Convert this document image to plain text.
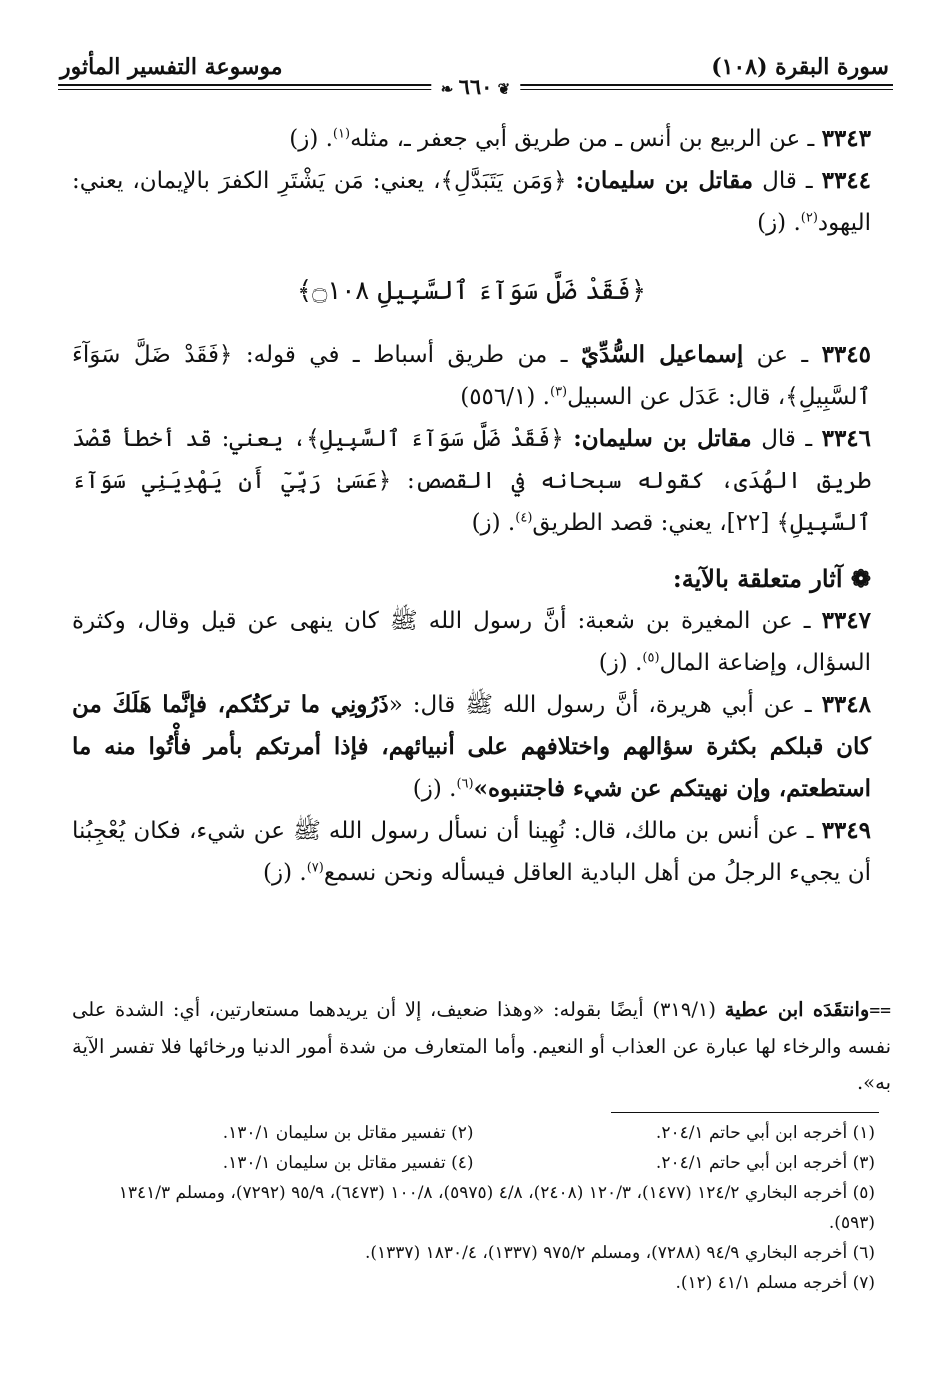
سورة البقرة (١٠٨)
موسوعة التفسير المأثور
❦ ٦٦٠ ❧

٣٣٤٣ ـ عن الربيع بن أنس ـ من طريق أبي جعفر ـ، مثله$^{(١)}$. (ز)

٣٣٤٤ ـ قال مقاتل بن سليمان: ﴿وَمَن يَتَبَدَّلِ﴾، يعني: مَن يَشْتَرِ الكفرَ بالإيمان، يعني: اليهود$^{(٢)}$. (ز)

﴿فَقَدْ ضَلَّ سَوَآءَ ٱلسَّبِيلِ ۝١٠٨﴾

٣٣٤٥ ـ عن إسماعيل السُّدِّيّ ـ من طريق أسباط ـ في قوله: ﴿فَقَدْ ضَلَّ سَوَآءَ ٱلسَّبِيلِ﴾، قال: عَدَل عن السبيل$^{(٣)}$. (٥٥٦/١)

٣٣٤٦ ـ قال مقاتل بن سليمان: ﴿فَقَدْ ضَلَّ سَوَآءَ ٱلسَّبِيلِ﴾، يعني: قد أخطأ قَصْدَ طريق الهُدَى، كقوله سبحانه في القصص: ﴿عَسَىٰ رَبِّيٓ أَن يَهْدِيَنِي سَوَآءَ ٱلسَّبِيلِ﴾ [٢٢]، يعني: قصد الطريق$^{(٤)}$. (ز)

❁ آثار متعلقة بالآية:

٣٣٤٧ ـ عن المغيرة بن شعبة: أنَّ رسول الله ﷺ كان ينهى عن قيل وقال، وكثرة السؤال، وإضاعة المال$^{(٥)}$. (ز)

٣٣٤٨ ـ عن أبي هريرة، أنَّ رسول الله ﷺ قال: «ذَرُونِي ما تركتُكم، فإنَّما هَلَكَ من كان قبلكم بكثرة سؤالهم واختلافهم على أنبيائهم، فإذا أمرتكم بأمر فأْتُوا منه ما استطعتم، وإن نهيتكم عن شيء فاجتنبوه»$^{(٦)}$. (ز)

٣٣٤٩ ـ عن أنس بن مالك، قال: نُهِينا أن نسأل رسول الله ﷺ عن شيء، فكان يُعْجِبُنا أن يجيء الرجلُ من أهل البادية العاقل فيسأله ونحن نسمع$^{(٧)}$. (ز)

==وانتقَدَه ابن عطية (٣١٩/١) أيضًا بقوله: «وهذا ضعيف، إلا أن يريدهما مستعارتين، أي: الشدة على نفسه والرخاء لها عبارة عن العذاب أو النعيم. وأما المتعارف من شدة أمور الدنيا ورخائها فلا تفسر الآية به».
(١) أخرجه ابن أبي حاتم ٢٠٤/١.
(٢) تفسير مقاتل بن سليمان ١٣٠/١.
(٣) أخرجه ابن أبي حاتم ٢٠٤/١.
(٤) تفسير مقاتل بن سليمان ١٣٠/١.
(٥) أخرجه البخاري ١٢٤/٢ (١٤٧٧)، ١٢٠/٣ (٢٤٠٨)، ٤/٨ (٥٩٧٥)، ١٠٠/٨ (٦٤٧٣)، ٩٥/٩ (٧٢٩٢)، ومسلم ١٣٤١/٣ (٥٩٣).
(٦) أخرجه البخاري ٩٤/٩ (٧٢٨٨)، ومسلم ٩٧٥/٢ (١٣٣٧)، ١٨٣٠/٤ (١٣٣٧).
(٧) أخرجه مسلم ٤١/١ (١٢).
